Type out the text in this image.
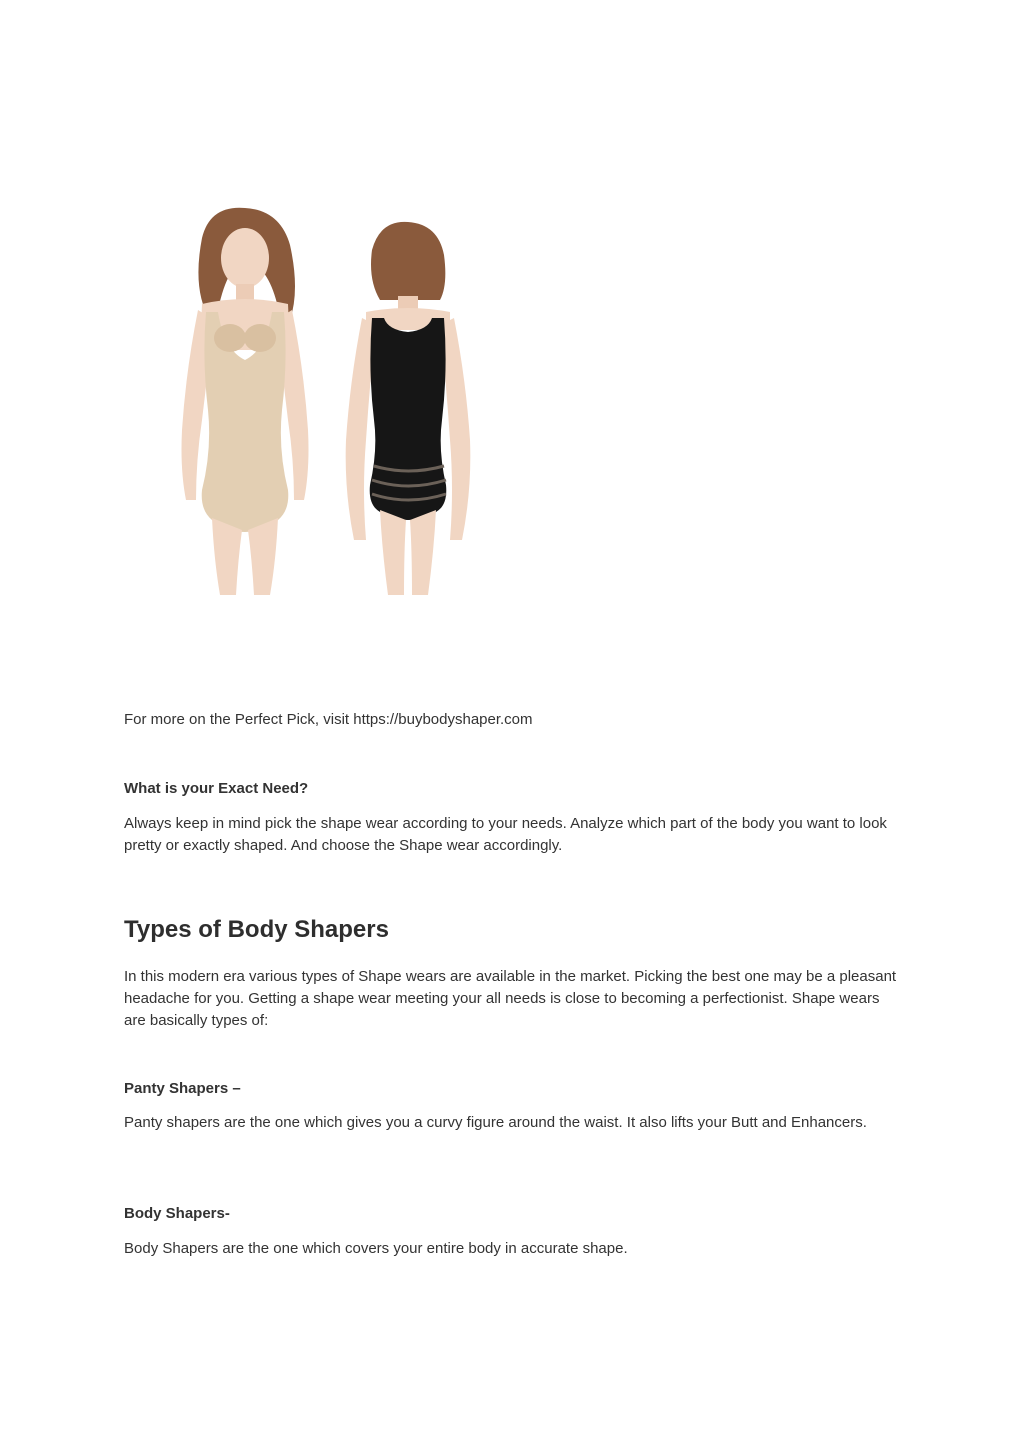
For more on the Perfect Pick, visit https://buybodyshaper.com

What is your Exact Need?

Always keep in mind pick the shape wear according to your needs. Analyze which part of the body you want to look pretty or exactly shaped. And choose the Shape wear accordingly.

Types of Body Shapers

In this modern era various types of Shape wears are available in the market. Picking the best one may be a pleasant headache for you. Getting a shape wear meeting your all needs is close to becoming a perfectionist. Shape wears are basically types of:

Panty Shapers –

Panty shapers are the one which gives you a curvy figure around the waist. It also lifts your Butt and Enhancers.

Body Shapers-

Body Shapers are the one which covers your entire body in accurate shape.
